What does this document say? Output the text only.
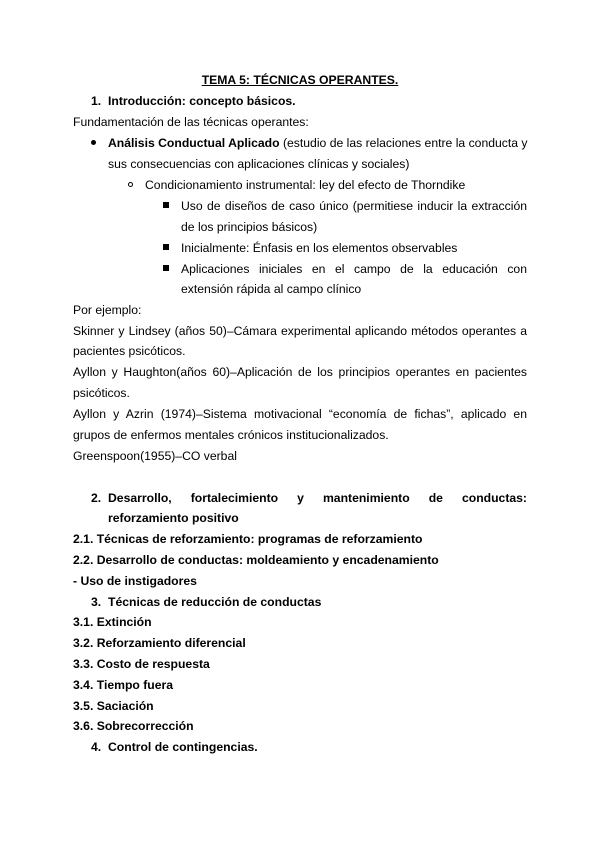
TEMA 5: TÉCNICAS OPERANTES.
1. Introducción: concepto básicos.
Fundamentación de las técnicas operantes:
Análisis Conductual Aplicado (estudio de las relaciones entre la conducta y
sus consecuencias con aplicaciones clínicas y sociales)
Condicionamiento instrumental: ley del efecto de Thorndike
Uso de diseños de caso único (permitiese inducir la extracción
de los principios básicos)
Inicialmente: Énfasis en los elementos observables
Aplicaciones iniciales en el campo de la educación con
extensión rápida al campo clínico
Por ejemplo:
Skinner y Lindsey (años 50)–Cámara experimental aplicando métodos operantes a
pacientes psicóticos.
Ayllon y Haughton(años 60)–Aplicación de los principios operantes en pacientes
psicóticos.
Ayllon y Azrin (1974)–Sistema motivacional “economía de fichas”, aplicado en
grupos de enfermos mentales crónicos institucionalizados.
Greenspoon(1955)–CO verbal
2. Desarrollo, fortalecimiento y mantenimiento de conductas:
reforzamiento positivo
2.1. Técnicas de reforzamiento: programas de reforzamiento
2.2. Desarrollo de conductas: moldeamiento y encadenamiento
- Uso de instigadores
3. Técnicas de reducción de conductas
3.1. Extinción
3.2. Reforzamiento diferencial
3.3. Costo de respuesta
3.4. Tiempo fuera
3.5. Saciación
3.6. Sobrecorrección
4. Control de contingencias.
